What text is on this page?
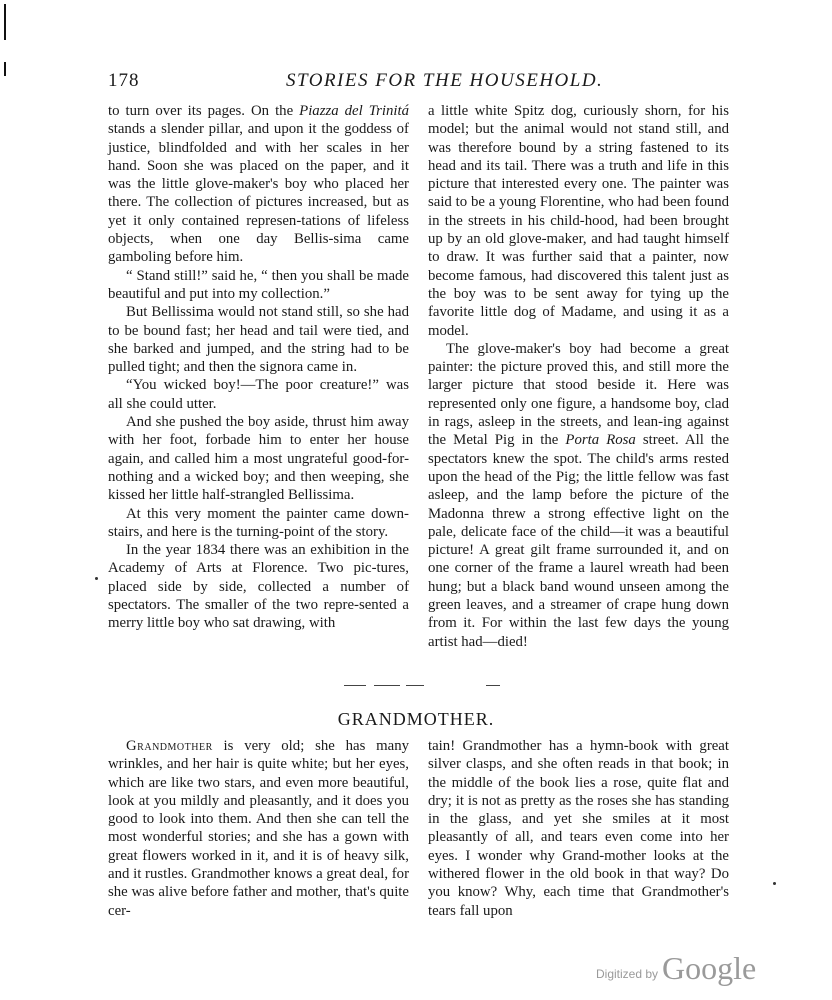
178	STORIES FOR THE HOUSEHOLD.

to turn over its pages. On the Piazza del Trinitá stands a slender pillar, and upon it the goddess of justice, blindfolded and with her scales in her hand. Soon she was placed on the paper, and it was the little glove-maker's boy who placed her there. The collection of pictures increased, but as yet it only contained represen-tations of lifeless objects, when one day Bellis-sima came gamboling before him.

“ Stand still!” said he, “ then you shall be made beautiful and put into my collection.”

But Bellissima would not stand still, so she had to be bound fast; her head and tail were tied, and she barked and jumped, and the string had to be pulled tight; and then the signora came in.

“You wicked boy!—The poor creature!” was all she could utter.

And she pushed the boy aside, thrust him away with her foot, forbade him to enter her house again, and called him a most ungrateful good-for-nothing and a wicked boy; and then weeping, she kissed her little half-strangled Bellissima.

At this very moment the painter came down-stairs, and here is the turning-point of the story.

In the year 1834 there was an exhibition in the Academy of Arts at Florence. Two pic-tures, placed side by side, collected a number of spectators. The smaller of the two repre-sented a merry little boy who sat drawing, with

a little white Spitz dog, curiously shorn, for his model; but the animal would not stand still, and was therefore bound by a string fastened to its head and its tail. There was a truth and life in this picture that interested every one. The painter was said to be a young Florentine, who had been found in the streets in his child-hood, had been brought up by an old glove-maker, and had taught himself to draw. It was further said that a painter, now become famous, had discovered this talent just as the boy was to be sent away for tying up the favorite little dog of Madame, and using it as a model.

The glove-maker's boy had become a great painter: the picture proved this, and still more the larger picture that stood beside it. Here was represented only one figure, a handsome boy, clad in rags, asleep in the streets, and lean-ing against the Metal Pig in the Porta Rosa street. All the spectators knew the spot. The child's arms rested upon the head of the Pig; the little fellow was fast asleep, and the lamp before the picture of the Madonna threw a strong effective light on the pale, delicate face of the child—it was a beautiful picture! A great gilt frame surrounded it, and on one corner of the frame a laurel wreath had been hung; but a black band wound unseen among the green leaves, and a streamer of crape hung down from it. For within the last few days the young artist had—died!

GRANDMOTHER.

Grandmother is very old; she has many wrinkles, and her hair is quite white; but her eyes, which are like two stars, and even more beautiful, look at you mildly and pleasantly, and it does you good to look into them. And then she can tell the most wonderful stories; and she has a gown with great flowers worked in it, and it is of heavy silk, and it rustles. Grandmother knows a great deal, for she was alive before father and mother, that's quite cer-

tain! Grandmother has a hymn-book with great silver clasps, and she often reads in that book; in the middle of the book lies a rose, quite flat and dry; it is not as pretty as the roses she has standing in the glass, and yet she smiles at it most pleasantly of all, and tears even come into her eyes. I wonder why Grand-mother looks at the withered flower in the old book in that way? Do you know? Why, each time that Grandmother's tears fall upon

Digitized by Google
